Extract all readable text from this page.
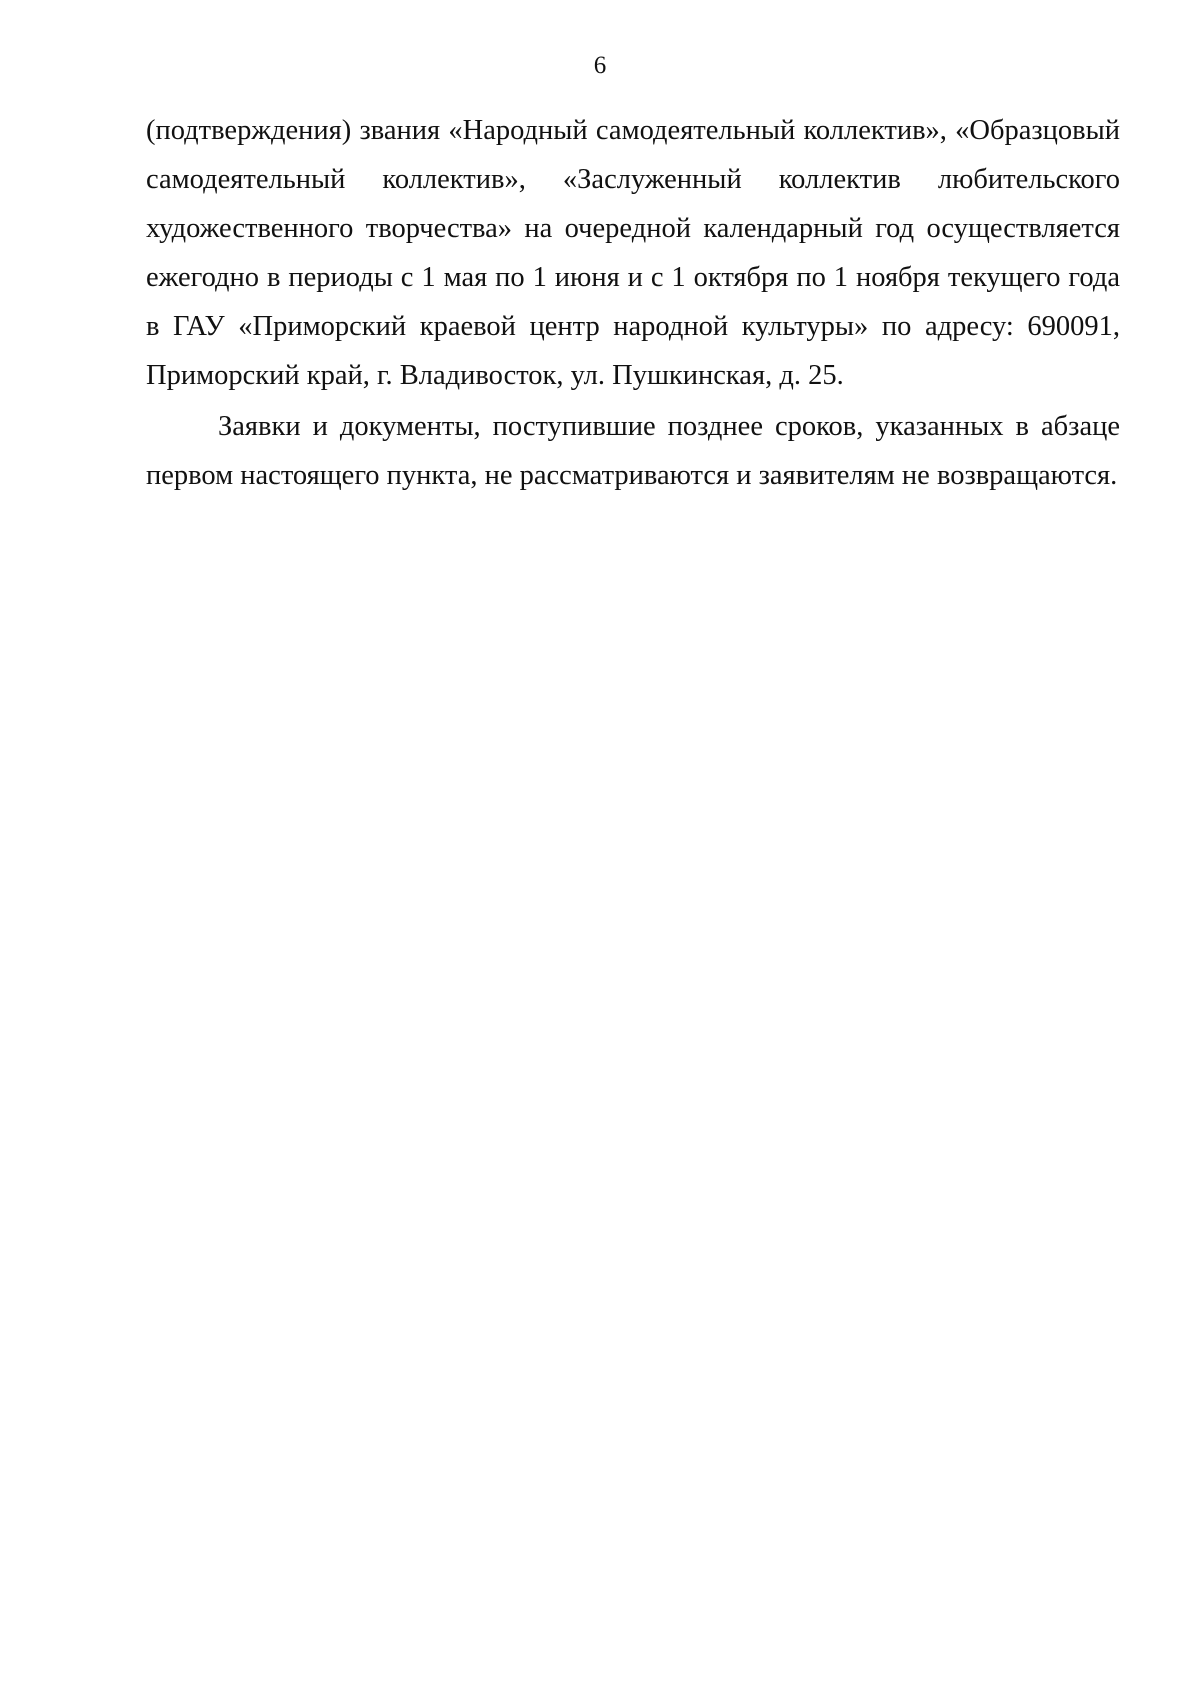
6

(подтверждения) звания «Народный самодеятельный коллектив», «Образцовый самодеятельный коллектив», «Заслуженный коллектив любительского художественного творчества» на очередной календарный год осуществляется ежегодно в периоды с 1 мая по 1 июня и с 1 октября по 1 ноября текущего года в ГАУ «Приморский краевой центр народной культуры» по адресу: 690091, Приморский край, г. Владивосток, ул. Пушкинская, д. 25.

Заявки и документы, поступившие позднее сроков, указанных в абзаце первом настоящего пункта, не рассматриваются и заявителям не возвращаются.
